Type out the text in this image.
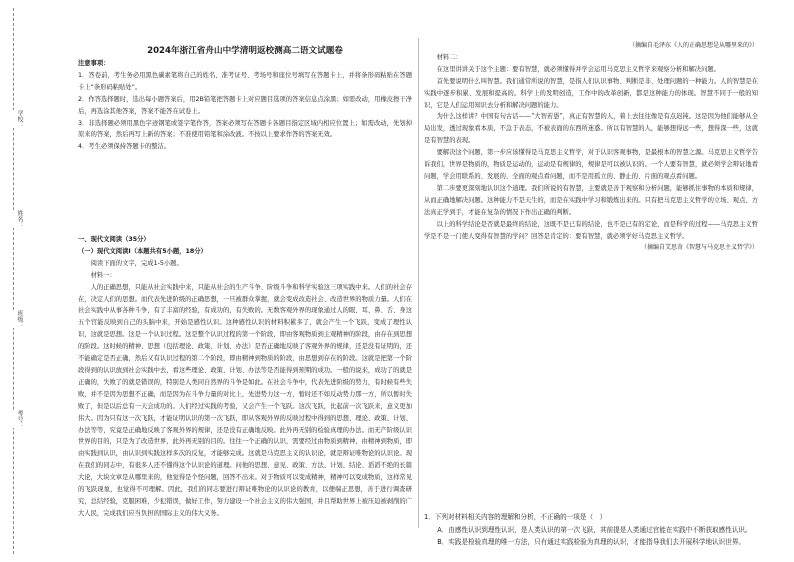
学校：
姓名：
班级：
考号：
2024年浙江省舟山中学清明返校测高二语文试题卷

注意事项：

1．答卷前，考生务必用黑色碳素笔将自己的姓名、准考证号、考场号和座位号填写在答题卡上，并将条形码粘贴在答题卡上“条形码粘贴处”。

2．作答选择题时，选出每小题答案后，用2B铅笔把答题卡上对应题目选项的答案信息点涂黑；如需改动，用橡皮擦干净后，再选涂其他答案，答案不能答在试卷上。

3．非选择题必须用黑色字迹钢笔或签字笔作答，答案必须写在答题卡各题目指定区域内相应位置上；如需改动，先划掉原来的答案，然后再写上新的答案；不准使用铅笔和涂改液。不按以上要求作答的答案无效。

4．考生必须保持答题卡的整洁。

一、现代文阅读（35分）

（一）现代文阅读Ⅰ（本题共有5小题，18分）

阅读下面的文字，完成1-5小题。

材料一：

人的正确思想，只能从社会实践中来，只能从社会的生产斗争、阶级斗争和科学实验这三项实践中来。人们的社会存在，决定人们的思想。而代表先进阶级的正确思想，一旦被群众掌握，就会变成改造社会、改造世界的物质力量。人们在社会实践中从事各种斗争，有了丰富的经验，有成功的，有失败的。无数客观外界的现象通过人的眼、耳、鼻、舌、身这五个官能反映到自己的头脑中来，开始是感性认识。这种感性认识的材料积累多了，就会产生一个飞跃，变成了理性认识，这就是思想。这是一个认识过程。这是整个认识过程的第一个阶段，即由客观物质到主观精神的阶段，由存在到思想的阶段。这时候的精神、思想（包括理论、政策、计划、办法）是否正确地反映了客观外界的规律，还是没有证明的，还不能确定是否正确，然后又有认识过程的第二个阶段，即由精神到物质的阶段，由思想到存在的阶段。这就是把第一个阶段得到的认识放到社会实践中去，看这些理论、政策、计划、办法等是否能得到预期的成功。一般的说来，成功了的就是正确的，失败了的就是错误的，特别是人类同自然界的斗争是如此。在社会斗争中，代表先进阶级的势力，有时候有些失败，并不是因为思想不正确，而是因为在斗争力量的对比上，先进势力这一方，暂时还不如反动势力那一方，所以暂时失败了，但是以后总有一天会成功的。人们经过实践的考验，又会产生一个飞跃。这次飞跃，比起前一次飞跃来，意义更加伟大。因为只有这一次飞跃，才能证明认识的第一次飞跃，即从客观外界的反映过程中得到的思想、理论、政策、计划、办法等等，究竟是正确地反映了客观外界的规律，还是没有正确地反映。此外再无别的检验真理的办法。而无产阶级认识世界的目的，只是为了改造世界，此外再无别的目的。往往一个正确的认识，需要经过由物质到精神，由精神到物质，即由实践到认识，由认识到实践这样多次的反复，才能够完成。这就是马克思主义的认识论，就是辩证唯物论的认识论。现在我们的同志中，有很多人还不懂得这个认识论的道理。问他的思想、意见、政策、方法、计划、结论、滔滔不绝的长篇大论，大块文章是从哪里来的，他觉得是个怪问题，回答不出来。对于物质可以变成精神，精神可以变成物质，这样常见的飞跃现象，也觉得不可理解。因此，我们的同志要进行辩证唯物论的认识论的教育，以便端正思想，善于进行调查研究，总结经验，克服困难，少犯错误，做好工作，努力建设一个社会主义的伟大强国，并且帮助世界上被压迫被剥削的广大人民，完成我们应当负担的国际主义的伟大义务。

（摘编自毛泽东《人的正确思想是从哪里来的》）

材料二：

在这里讲讲关于这个主题：要有智慧，就必须懂得并学会运用马克思主义哲学来观察分析和解决问题。

首先要说明什么叫智慧。我们通常所说的智慧，是指人们认识事物、判断是非、处理问题的一种能力。人的智慧是在实践中逐步积累、发展和提高的。科学上的发明创造，工作中的改革创新，都是这种能力的体现。智慧不同于一般的知识，它是人们运用知识去分析和解决问题的能力。

为什么这样讲？中国有句古话——“大智若愚”，真正有智慧的人，着上去往往像是有点迟钝。这是因为他们能够从全局出发，透过现象看本质，不急于表态，不被表面的东西所迷惑。所以有智慧的人，能够想得远一些，想得深一些，这就是有智慧的表现。

要解决这个问题，第一步应该懂得是马克思主义哲学，对于认识客观事物，是最根本的智慧之源。马克思主义哲学告诉我们，世界是物质的，物质是运动的，运动是有规律的，规律是可以被认识的。一个人要有智慧，就必须学会辩证地看问题，学会用联系的、发展的、全面的观点看问题，而不是用孤立的、静止的、片面的观点看问题。

第二步要更深刻地认识这个道理。我们所说的有智慧，主要就是善于观察和分析问题，能够抓住事物的本质和规律，从而正确地解决问题。这种能力不是天生的，而是在实践中学习和锻炼出来的。只有把马克思主义哲学的立场、观点、方法真正学到手，才能在复杂的情况下作出正确的判断。

以上的科学结论是否就是最终的结论，这既不是已有的结论，也不是已有的定论，而是科学的过程——马克思主义哲学是不是一门使人变得有智慧的学问？回答是肯定的：要有智慧，就必须学好马克思主义哲学。

（摘编自艾思奇《智慧与马克思主义哲学》）

1．下列对材料相关内容的理解和分析，不正确的一项是（　）

A．由感性认识到理性认识，是人类认识的第一次飞跃，其前提是人类通过官能在实践中不断获取感性认识。

B．实践是检验真理的唯一方法，只有通过实践检验为真理的认识，才能指导我们去开展科学地认识世界。
